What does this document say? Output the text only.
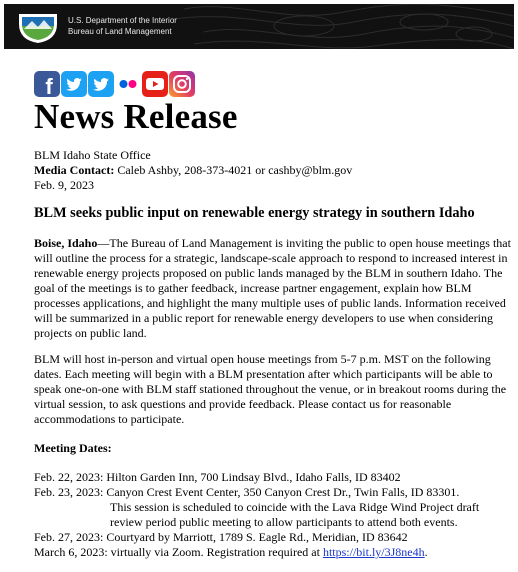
U.S. Department of the Interior
Bureau of Land Management
f
News Release
BLM Idaho State Office
Media Contact: Caleb Ashby, 208-373-4021 or cashby@blm.gov
Feb. 9, 2023
BLM seeks public input on renewable energy strategy in southern Idaho
Boise, Idaho—The Bureau of Land Management is inviting the public to open house meetings that will outline the process for a strategic, landscape-scale approach to respond to increased interest in renewable energy projects proposed on public lands managed by the BLM in southern Idaho. The goal of the meetings is to gather feedback, increase partner engagement, explain how BLM processes applications, and highlight the many multiple uses of public lands. Information received will be summarized in a public report for renewable energy developers to use when considering projects on public land.
BLM will host in-person and virtual open house meetings from 5-7 p.m. MST on the following dates. Each meeting will begin with a BLM presentation after which participants will be able to speak one-on-one with BLM staff stationed throughout the venue, or in breakout rooms during the virtual session, to ask questions and provide feedback. Please contact us for reasonable accommodations to participate.
Meeting Dates:
Feb. 22, 2023: Hilton Garden Inn, 700 Lindsay Blvd., Idaho Falls, ID 83402
Feb. 23, 2023: Canyon Crest Event Center, 350 Canyon Crest Dr., Twin Falls, ID 83301.
This session is scheduled to coincide with the Lava Ridge Wind Project draft review period public meeting to allow participants to attend both events.
Feb. 27, 2023: Courtyard by Marriott, 1789 S. Eagle Rd., Meridian, ID 83642
March 6, 2023: virtually via Zoom. Registration required at https://bit.ly/3J8ne4h.
